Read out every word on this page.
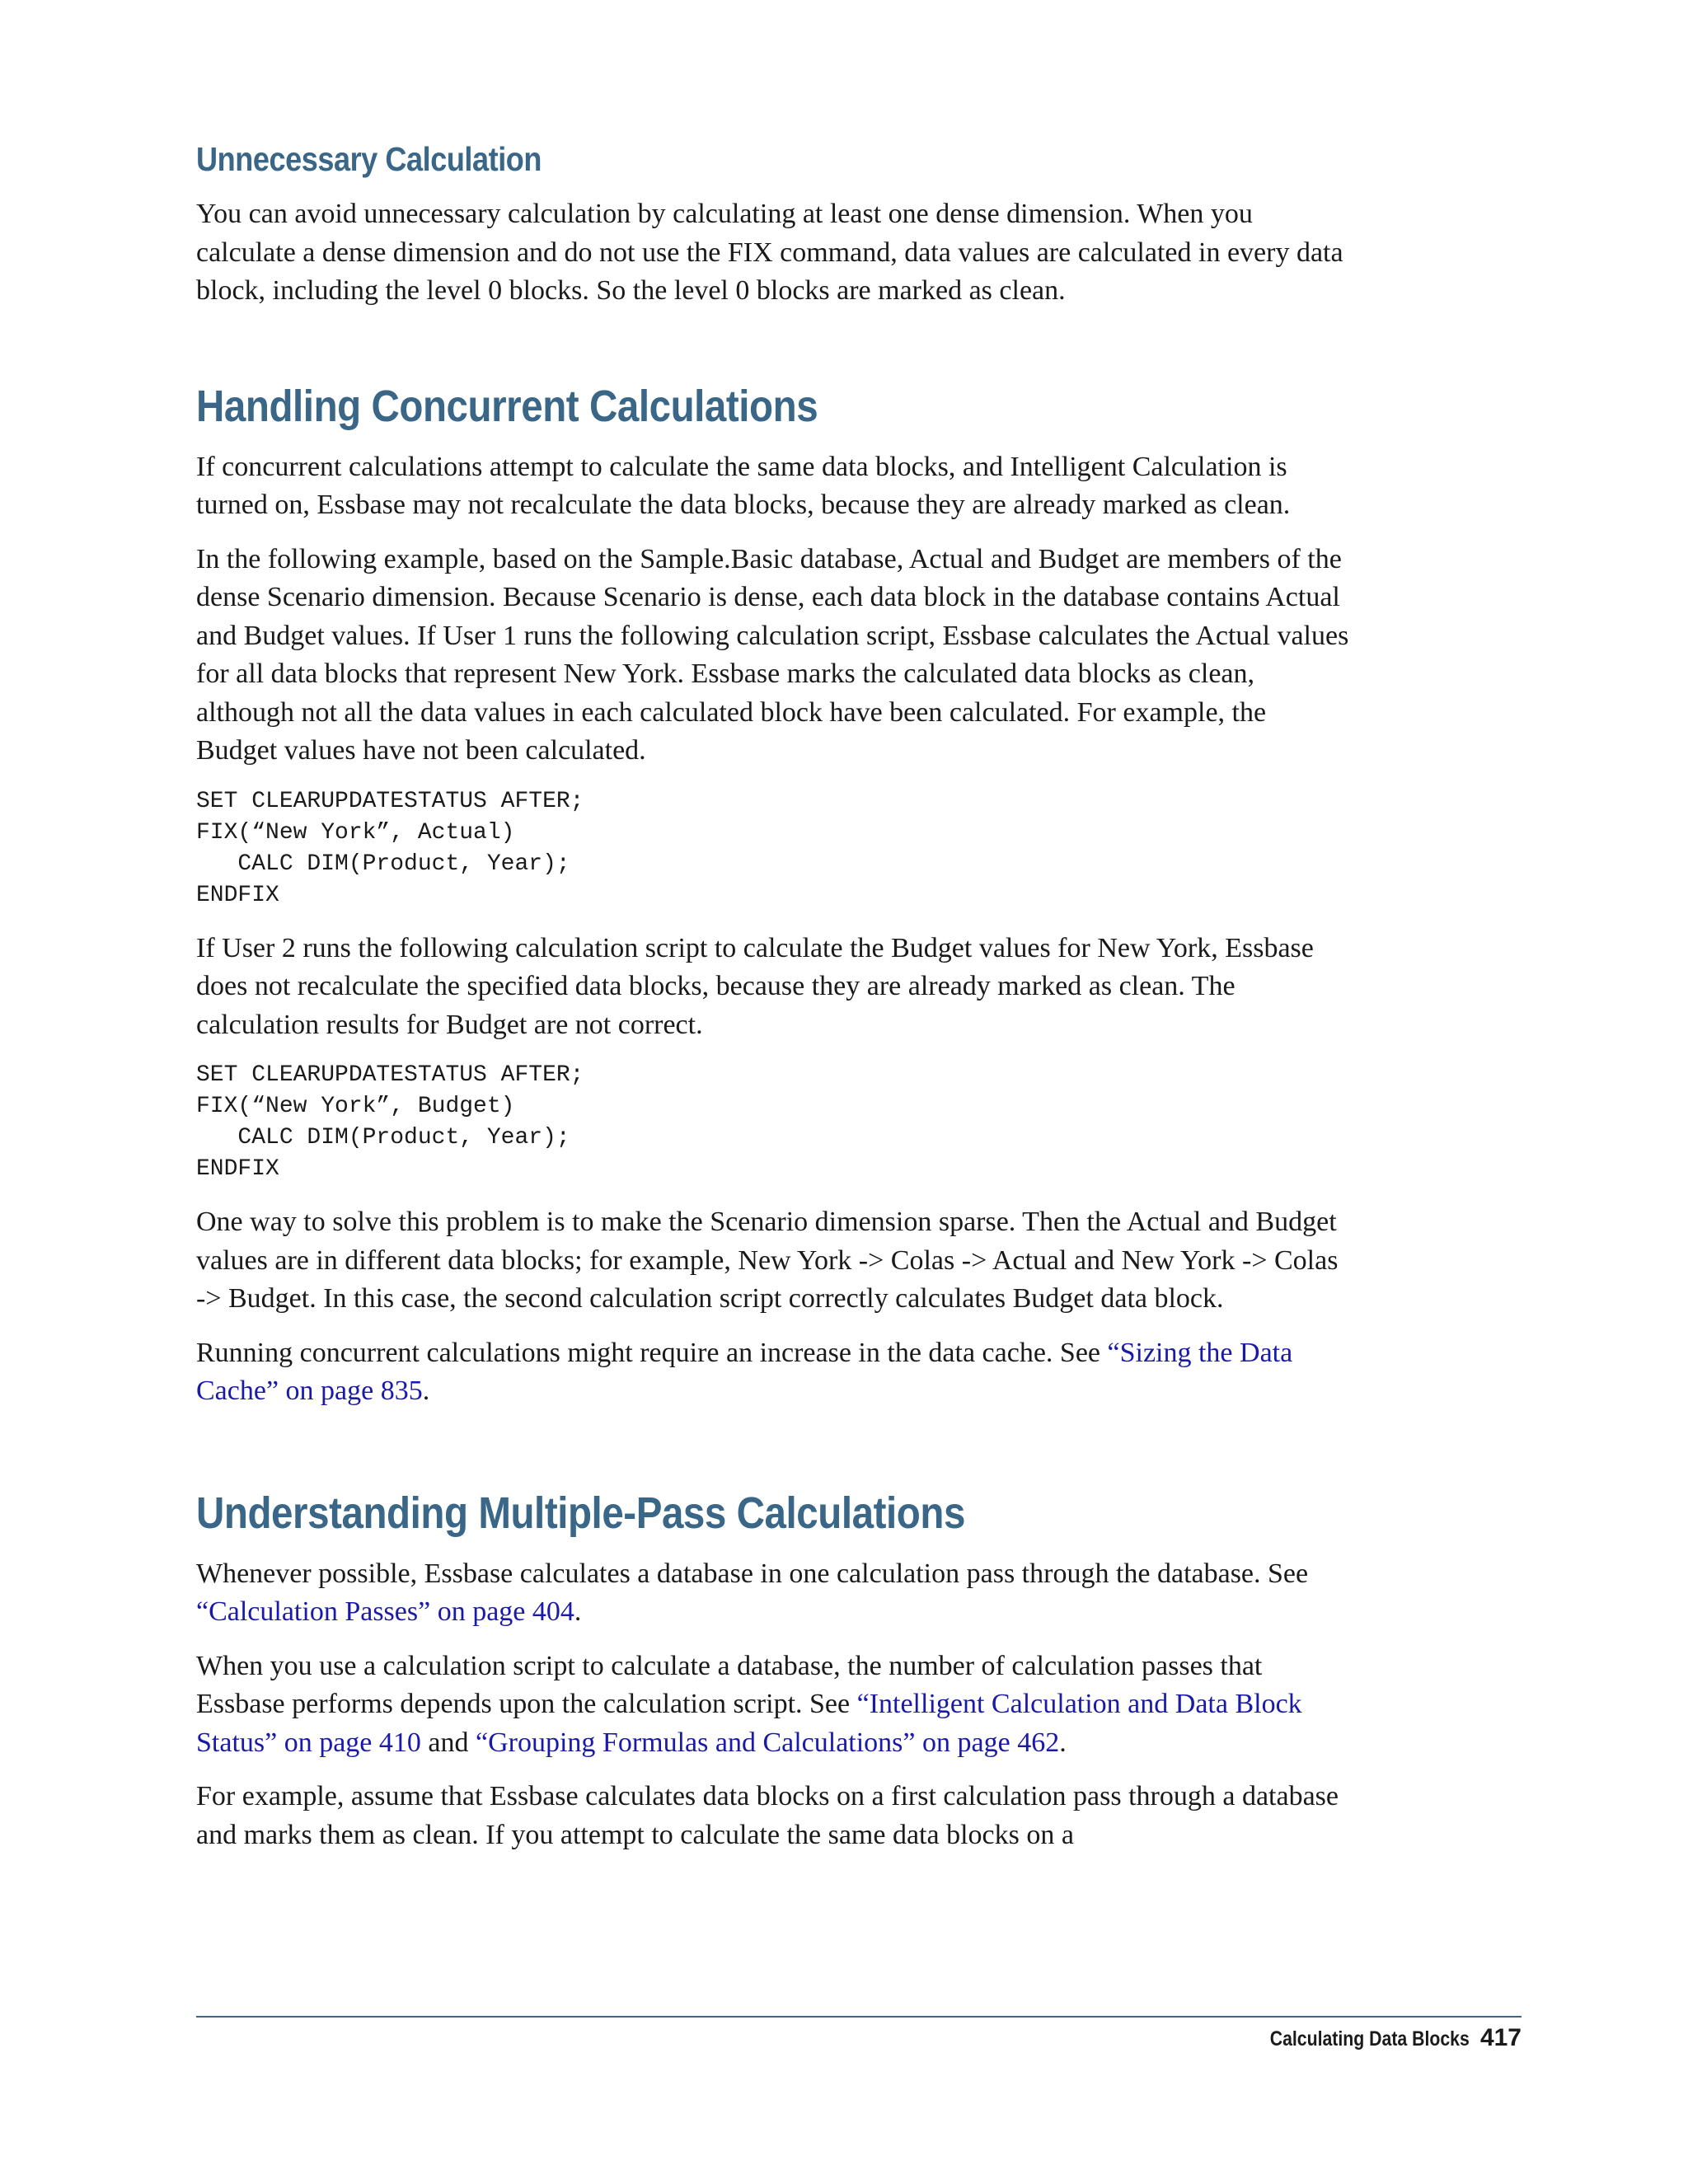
Unnecessary Calculation

You can avoid unnecessary calculation by calculating at least one dense dimension. When you calculate a dense dimension and do not use the FIX command, data values are calculated in every data block, including the level 0 blocks. So the level 0 blocks are marked as clean.

Handling Concurrent Calculations

If concurrent calculations attempt to calculate the same data blocks, and Intelligent Calculation is turned on, Essbase may not recalculate the data blocks, because they are already marked as clean.

In the following example, based on the Sample.Basic database, Actual and Budget are members of the dense Scenario dimension. Because Scenario is dense, each data block in the database contains Actual and Budget values. If User 1 runs the following calculation script, Essbase calculates the Actual values for all data blocks that represent New York. Essbase marks the calculated data blocks as clean, although not all the data values in each calculated block have been calculated. For example, the Budget values have not been calculated.

SET CLEARUPDATESTATUS AFTER;
FIX(“New York”, Actual)
CALC DIM(Product, Year);
ENDFIX

If User 2 runs the following calculation script to calculate the Budget values for New York, Essbase does not recalculate the specified data blocks, because they are already marked as clean. The calculation results for Budget are not correct.

SET CLEARUPDATESTATUS AFTER;
FIX(“New York”, Budget)
CALC DIM(Product, Year);
ENDFIX

One way to solve this problem is to make the Scenario dimension sparse. Then the Actual and Budget values are in different data blocks; for example, New York -> Colas -> Actual and New York -> Colas -> Budget. In this case, the second calculation script correctly calculates Budget data block.

Running concurrent calculations might require an increase in the data cache. See “Sizing the Data Cache” on page 835.

Understanding Multiple-Pass Calculations

Whenever possible, Essbase calculates a database in one calculation pass through the database. See “Calculation Passes” on page 404.

When you use a calculation script to calculate a database, the number of calculation passes that Essbase performs depends upon the calculation script. See “Intelligent Calculation and Data Block Status” on page 410 and “Grouping Formulas and Calculations” on page 462.

For example, assume that Essbase calculates data blocks on a first calculation pass through a database and marks them as clean. If you attempt to calculate the same data blocks on a

Calculating Data Blocks 417
